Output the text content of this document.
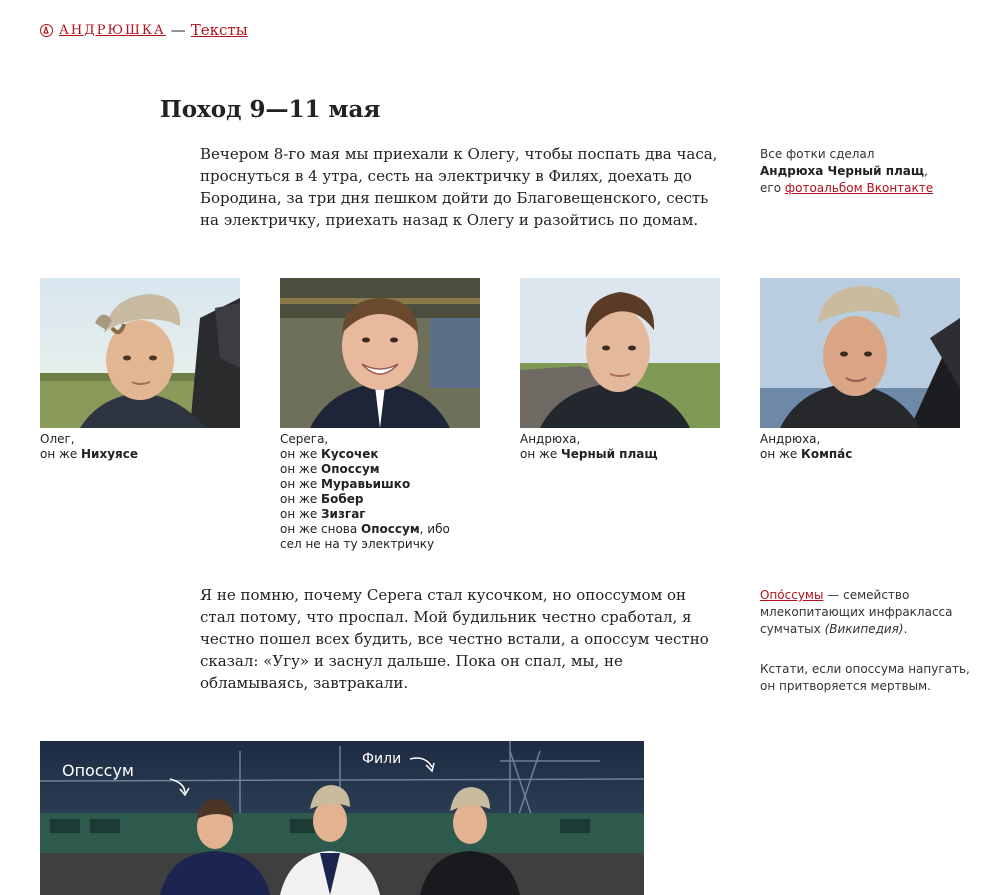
АНДРЮШКА — Тексты
Поход 9—11 мая

Вечером 8-го мая мы приехали к Олегу, чтобы поспать два часа, проснуться в 4 утра, сесть на электричку в Филях, доехать до Бородина, за три дня пешком дойти до Благовещенского, сесть на электричку, приехать назад к Олегу и разойтись по домам.

Все фотки сделал
Андрюха Черный плащ,
его фотоальбом Вконтакте
Олег,
он же Нихуясе
Серега,
он же Кусочек
он же Опоссум
он же Муравьишко
он же Бобер
он же Зизгаг
он же снова Опоссум, ибо
сел не на ту электричку
Андрюха,
он же Черный плащ
Андрюха,
он же Компа́с

Я не помню, почему Серега стал кусочком, но опоссумом он стал потому, что проспал. Мой будильник честно сработал, я честно пошел всех будить, все честно встали, а опоссум честно сказал: «Угу» и заснул дальше. Пока он спал, мы, не обламываясь, завтракали.

Опо́ссумы — семейство млекопитающих инфракласса сумчатых (Википедия).
Кстати, если опоссума напугать, он притворяется мертвым.
Опоссум
Фили
